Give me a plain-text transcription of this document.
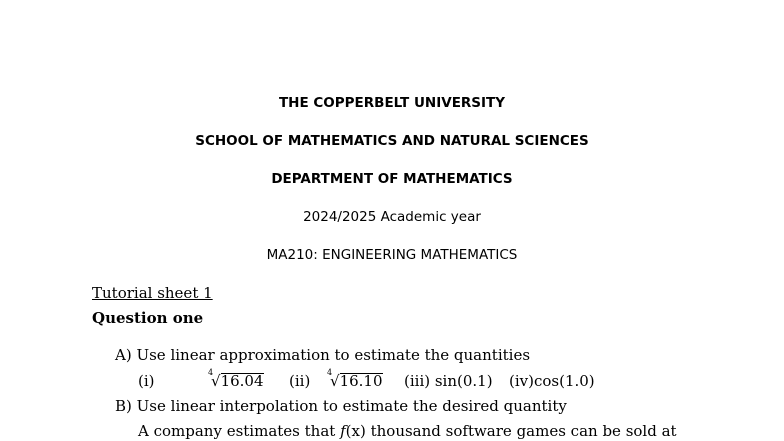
THE COPPERBELT UNIVERSITY
SCHOOL OF MATHEMATICS AND NATURAL SCIENCES
DEPARTMENT OF MATHEMATICS
2024/2025 Academic year
MA210: ENGINEERING MATHEMATICS
Tutorial sheet 1
Question one
A) Use linear approximation to estimate the quantities
(i)	4
√16.04 (ii) 4
√16.10 (iii) sin(0.1) (iv)cos(1.0)
B) Use linear interpolation to estimate the desired quantity
A company estimates that f(x) thousand software games can be sold at
